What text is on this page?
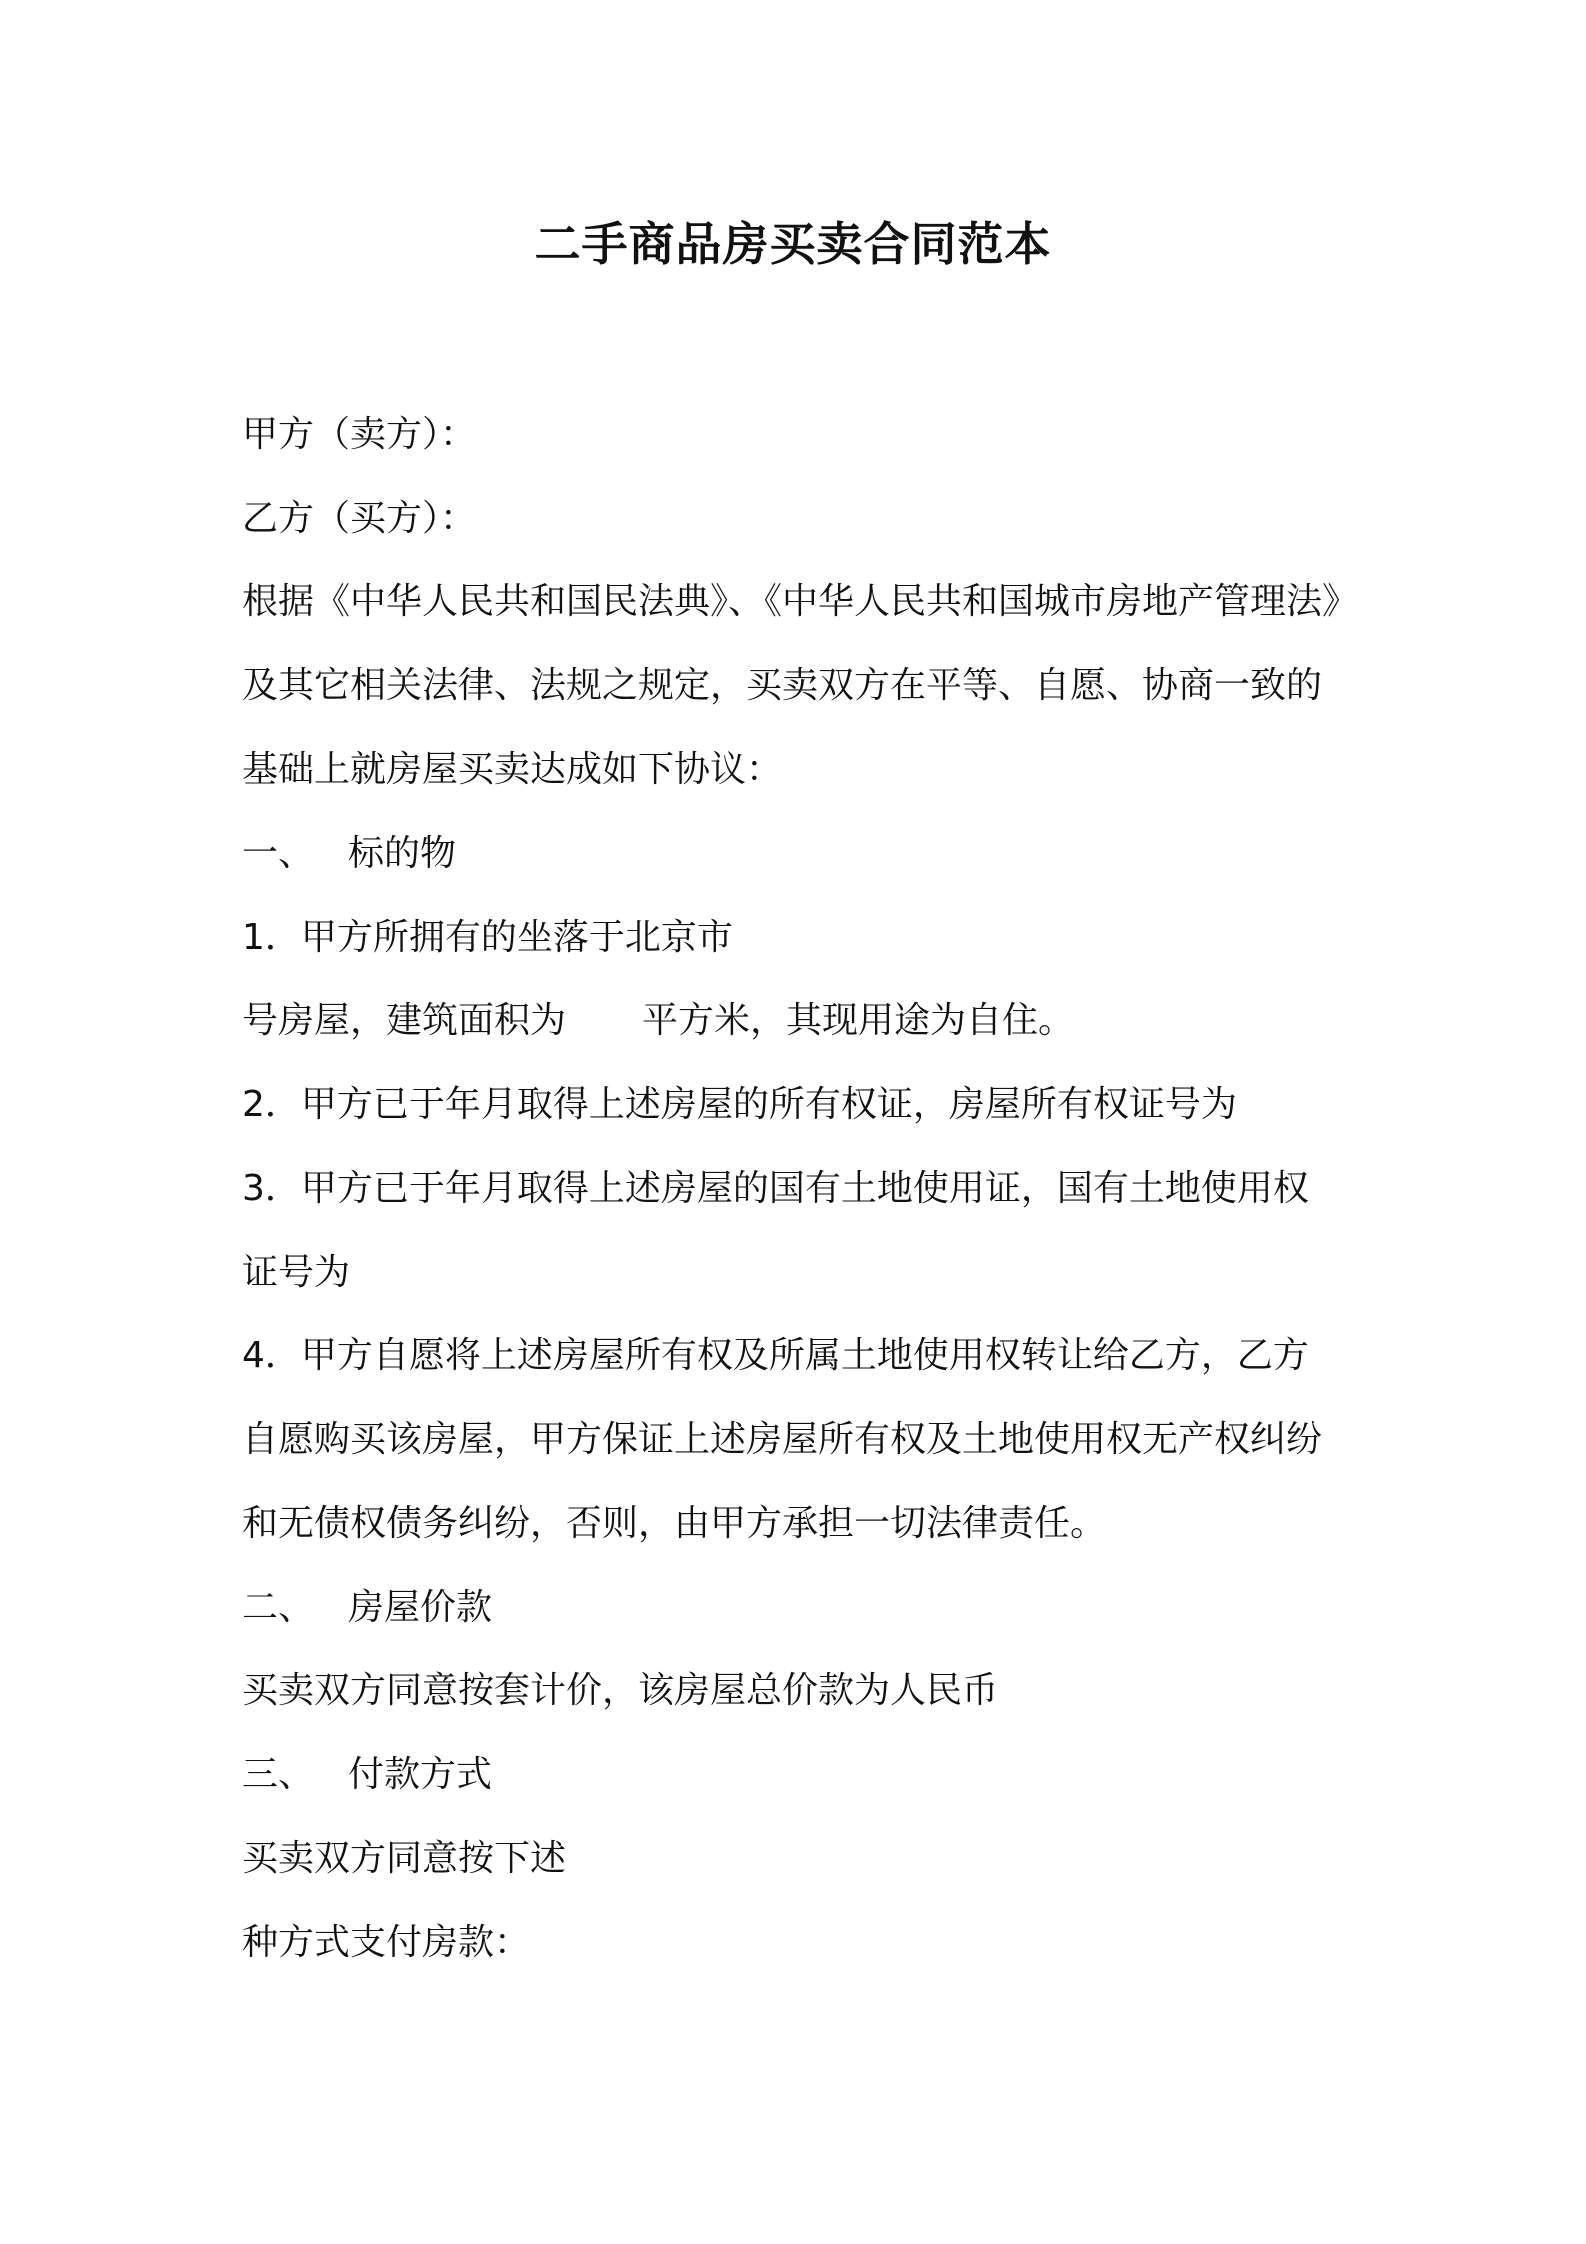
二手商品房买卖合同范本
甲方（卖方）：
乙方（买方）：
根据《中华人民共和国民法典》、《中华人民共和国城市房地产管理法》
及其它相关法律、法规之规定，买卖双方在平等、自愿、协商一致的
基础上就房屋买卖达成如下协议：
一、 标的物
1．甲方所拥有的坐落于北京市
号房屋，建筑面积为 平方米，其现用途为自住。
2．甲方已于年月取得上述房屋的所有权证，房屋所有权证号为
3．甲方已于年月取得上述房屋的国有土地使用证，国有土地使用权
证号为
4．甲方自愿将上述房屋所有权及所属土地使用权转让给乙方，乙方
自愿购买该房屋，甲方保证上述房屋所有权及土地使用权无产权纠纷
和无债权债务纠纷，否则，由甲方承担一切法律责任。
二、 房屋价款
买卖双方同意按套计价，该房屋总价款为人民币
三、 付款方式
买卖双方同意按下述
种方式支付房款：
